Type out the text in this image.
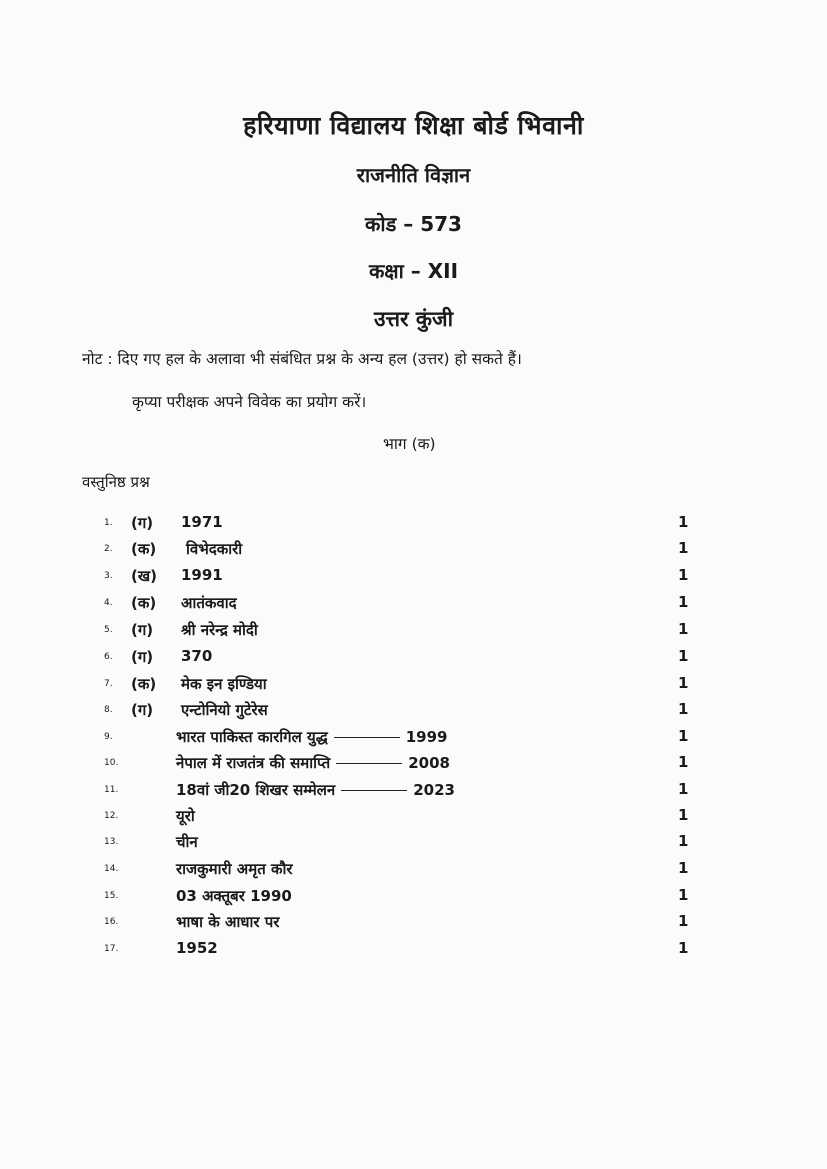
हरियाणा विद्यालय शिक्षा बोर्ड भिवानी
राजनीति विज्ञान
कोड – 573
कक्षा – XII
उत्तर कुंजी
नोट : दिए गए हल के अलावा भी संबंधित प्रश्न के अन्य हल (उत्तर) हो सकते हैं।
कृप्या परीक्षक अपने विवेक का प्रयोग करें।
भाग (क)
वस्तुनिष्ठ प्रश्न
1. (ग) 1971	1
2. (क) विभेदकारी	1
3. (ख) 1991	1
4. (क) आतंकवाद	1
5. (ग) श्री नरेन्द्र मोदी	1
6. (ग) 370	1
7. (क) मेक इन इण्डिया	1
8. (ग) एन्टोनियो गुटेरेस	1
9.	भारत पाकिस्त कारगिल युद्ध	1999	1
10.	नेपाल में राजतंत्र की समाप्ति	2008	1
11.	18वां जी20 शिखर सम्मेलन	2023	1
12.	यूरो	1
13.	चीन	1
14.	राजकुमारी अमृत कौर	1
15.	03 अक्तूबर 1990	1
16.	भाषा के आधार पर	1
17.	1952	1
